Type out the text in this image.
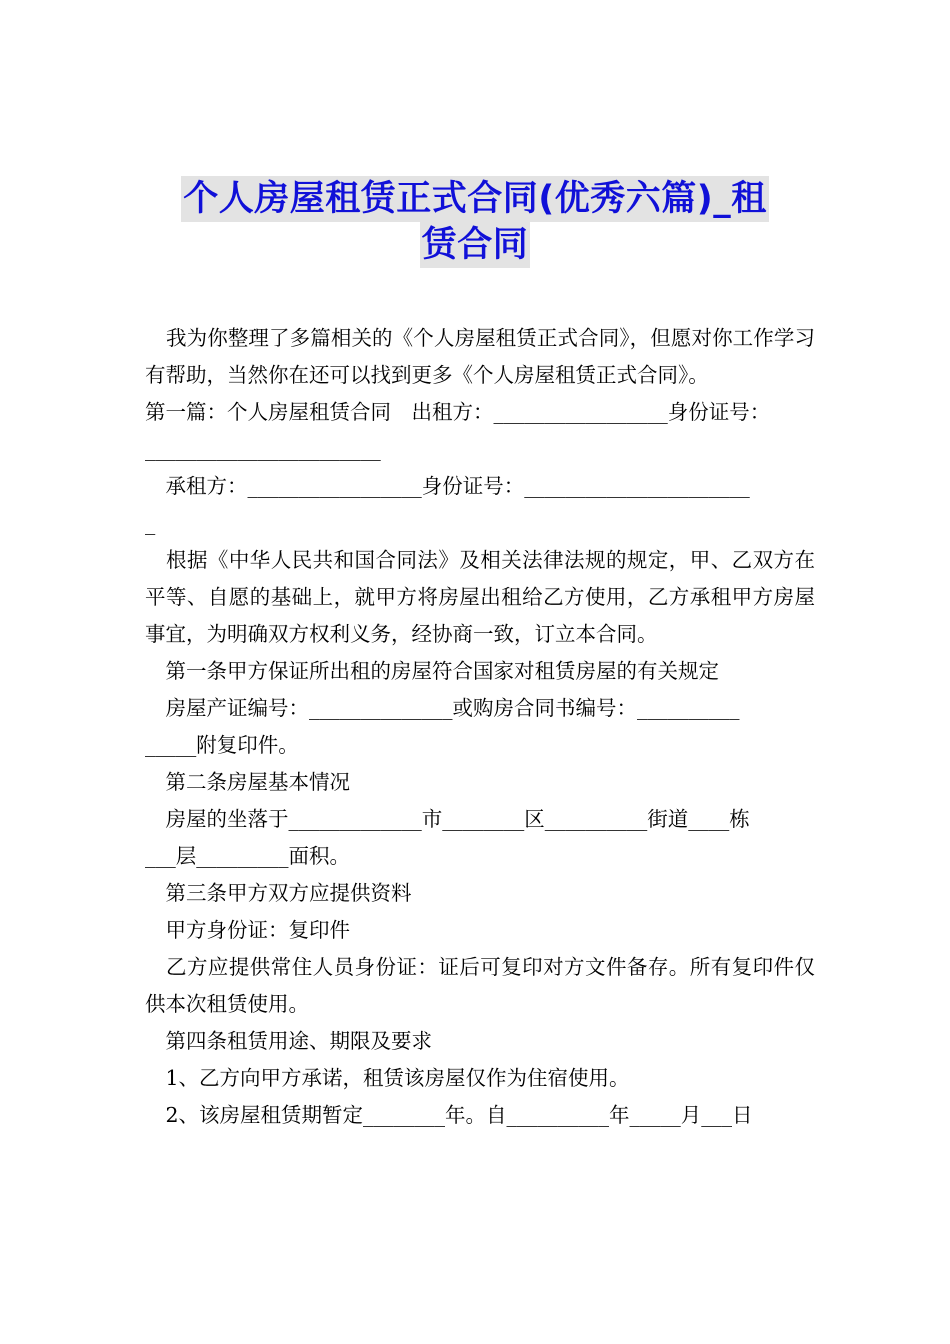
个人房屋租赁正式合同(优秀六篇)_租
赁合同

我为你整理了多篇相关的《个人房屋租赁正式合同》，但愿对你工作学习有帮助，当然你在还可以找到更多《个人房屋租赁正式合同》。

第一篇：个人房屋租赁合同　出租方：_________________身份证号：

_______________________

　承租方：_________________身份证号：______________________

_

根据《中华人民共和国合同法》及相关法律法规的规定，甲、乙双方在平等、自愿的基础上，就甲方将房屋出租给乙方使用，乙方承租甲方房屋事宜，为明确双方权利义务，经协商一致，订立本合同。

　第一条甲方保证所出租的房屋符合国家对租赁房屋的有关规定

　房屋产证编号：______________或购房合同书编号：__________

_____附复印件。

　第二条房屋基本情况

　房屋的坐落于_____________市________区__________街道____栋

___层_________面积。

　第三条甲方双方应提供资料

　甲方身份证：复印件

乙方应提供常住人员身份证：证后可复印对方文件备存。所有复印件仅供本次租赁使用。

　第四条租赁用途、期限及要求

　1、乙方向甲方承诺，租赁该房屋仅作为住宿使用。

　2、该房屋租赁期暂定________年。自__________年_____月___日
